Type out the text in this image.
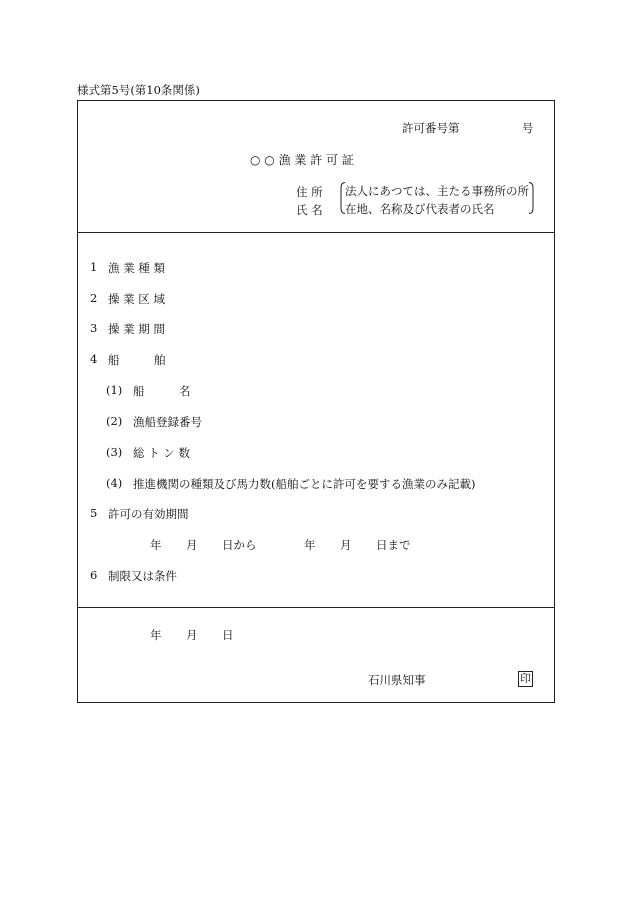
様式第5号(第10条関係)
許可番号第	号
○ ○ 漁 業 許 可 証
住 所
氏 名
法人にあつては、主たる事務所の所
在地、名称及び代表者の氏名
1 漁 業 種 類
2 操 業 区 域
3 操 業 期 間
4 船　　　舶
(1) 船　　　名
(2) 漁船登録番号
(3) 総 ト ン 数
(4) 推進機関の種類及び馬力数(船舶ごとに許可を要する漁業のみ記載)
5 許可の有効期間
年 月 日から	年 月 日まで
6 制限又は条件
年 月 日
石川県知事	印
